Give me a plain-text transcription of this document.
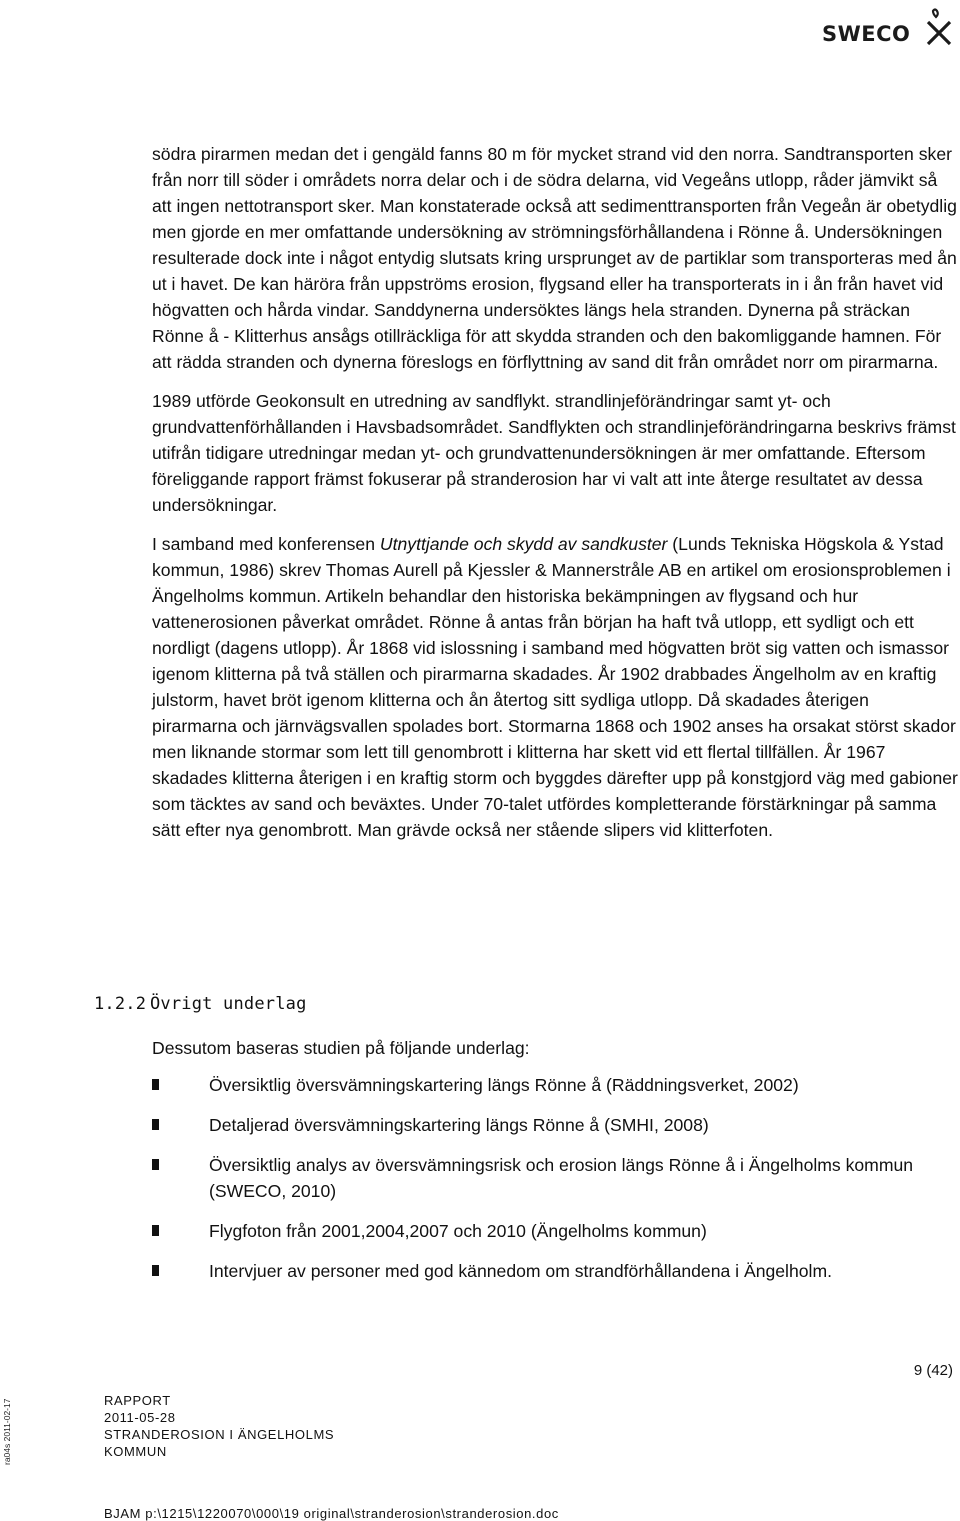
SWECO

södra pirarmen medan det i gengäld fanns 80 m för mycket strand vid den norra. Sandtransporten sker från norr till söder i områdets norra delar och i de södra delarna, vid Vegeåns utlopp, råder jämvikt så att ingen nettotransport sker. Man konstaterade också att sedimenttransporten från Vegeån är obetydlig men gjorde en mer omfattande undersökning av strömningsförhållandena i Rönne å. Undersökningen resulterade dock inte i något entydig slutsats kring ursprunget av de partiklar som transporteras med ån ut i havet. De kan häröra från uppströms erosion, flygsand eller ha transporterats in i ån från havet vid högvatten och hårda vindar. Sanddynerna undersöktes längs hela stranden. Dynerna på sträckan Rönne å - Klitterhus ansågs otillräckliga för att skydda stranden och den bakomliggande hamnen. För att rädda stranden och dynerna föreslogs en förflyttning av sand dit från området norr om pirarmarna.

1989 utförde Geokonsult en utredning av sandflykt. strandlinjeförändringar samt yt- och grundvattenförhållanden i Havsbadsområdet. Sandflykten och strandlinjeförändringarna beskrivs främst utifrån tidigare utredningar medan yt- och grundvattenundersökningen är mer omfattande. Eftersom föreliggande rapport främst fokuserar på stranderosion har vi valt att inte återge resultatet av dessa undersökningar.

I samband med konferensen Utnyttjande och skydd av sandkuster (Lunds Tekniska Högskola & Ystad kommun, 1986) skrev Thomas Aurell på Kjessler & Mannerstråle AB en artikel om erosionsproblemen i Ängelholms kommun. Artikeln behandlar den historiska bekämpningen av flygsand och hur vattenerosionen påverkat området. Rönne å antas från början ha haft två utlopp, ett sydligt och ett nordligt (dagens utlopp). År 1868 vid islossning i samband med högvatten bröt sig vatten och ismassor igenom klitterna på två ställen och pirarmarna skadades. År 1902 drabbades Ängelholm av en kraftig julstorm, havet bröt igenom klitterna och ån återtog sitt sydliga utlopp. Då skadades återigen pirarmarna och järnvägsvallen spolades bort. Stormarna 1868 och 1902 anses ha orsakat störst skador men liknande stormar som lett till genombrott i klitterna har skett vid ett flertal tillfällen. År 1967 skadades klitterna återigen i en kraftig storm och byggdes därefter upp på konstgjord väg med gabioner som täcktes av sand och beväxtes. Under 70-talet utfördes kompletterande förstärkningar på samma sätt efter nya genombrott. Man grävde också ner stående slipers vid klitterfoten.

1.2.2 Övrigt underlag
Dessutom baseras studien på följande underlag:
Översiktlig översvämningskartering längs Rönne å (Räddningsverket, 2002)
Detaljerad översvämningskartering längs Rönne å (SMHI, 2008)
Översiktlig analys av översvämningsrisk och erosion längs Rönne å i Ängelholms kommun (SWECO, 2010)
Flygfoton från 2001,2004,2007 och 2010 (Ängelholms kommun)
Intervjuer av personer med god kännedom om strandförhållandena i Ängelholm.
9 (42)
RAPPORT
2011-05-28
STRANDEROSION I ÄNGELHOLMS
KOMMUN
ra04s 2011-02-17
BJAM p:\1215\1220070\000\19 original\stranderosion\stranderosion.doc
